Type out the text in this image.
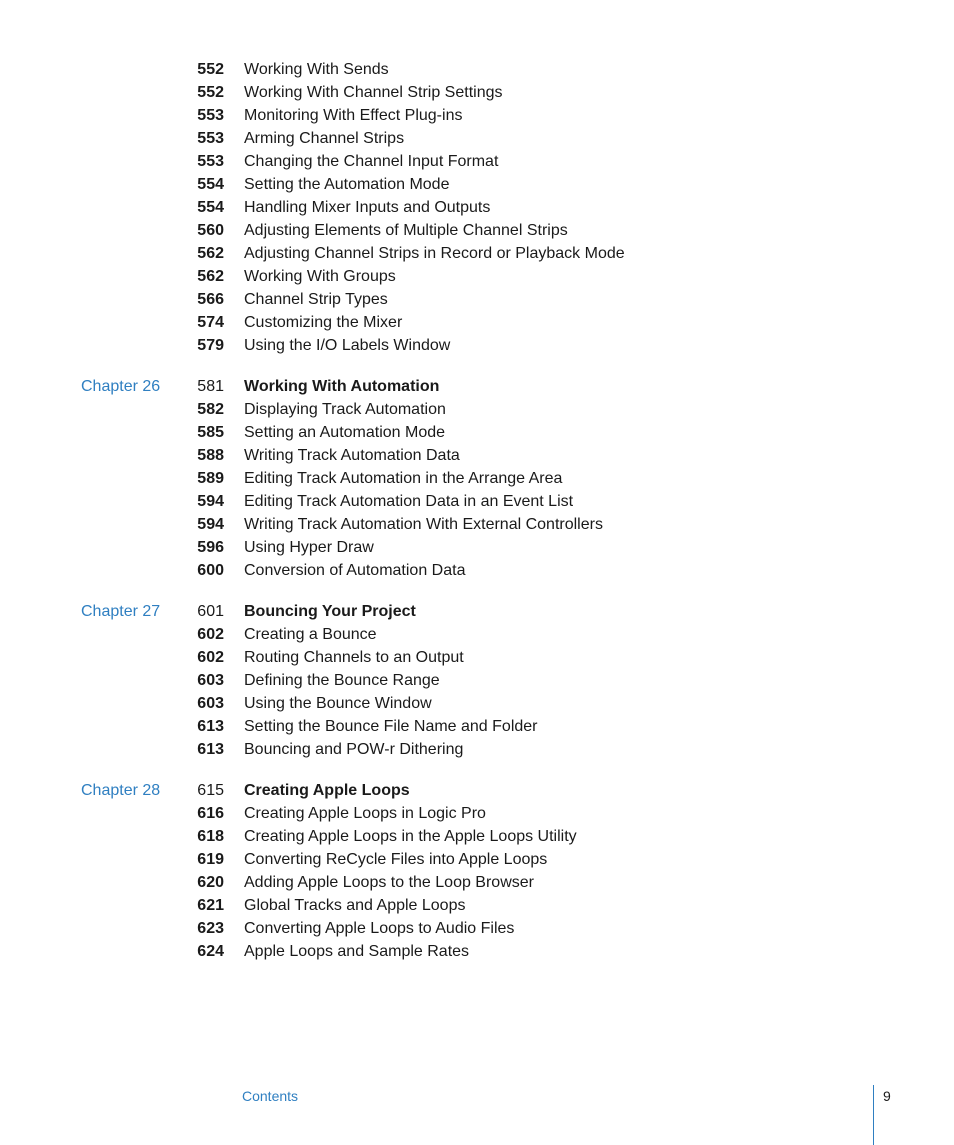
552 Working With Sends
552 Working With Channel Strip Settings
553 Monitoring With Effect Plug-ins
553 Arming Channel Strips
553 Changing the Channel Input Format
554 Setting the Automation Mode
554 Handling Mixer Inputs and Outputs
560 Adjusting Elements of Multiple Channel Strips
562 Adjusting Channel Strips in Record or Playback Mode
562 Working With Groups
566 Channel Strip Types
574 Customizing the Mixer
579 Using the I/O Labels Window
Chapter 26	581 Working With Automation
582 Displaying Track Automation
585 Setting an Automation Mode
588 Writing Track Automation Data
589 Editing Track Automation in the Arrange Area
594 Editing Track Automation Data in an Event List
594 Writing Track Automation With External Controllers
596 Using Hyper Draw
600 Conversion of Automation Data
Chapter 27	601 Bouncing Your Project
602 Creating a Bounce
602 Routing Channels to an Output
603 Defining the Bounce Range
603 Using the Bounce Window
613 Setting the Bounce File Name and Folder
613 Bouncing and POW-r Dithering
Chapter 28	615 Creating Apple Loops
616 Creating Apple Loops in Logic Pro
618 Creating Apple Loops in the Apple Loops Utility
619 Converting ReCycle Files into Apple Loops
620 Adding Apple Loops to the Loop Browser
621 Global Tracks and Apple Loops
623 Converting Apple Loops to Audio Files
624 Apple Loops and Sample Rates
Contents	9
